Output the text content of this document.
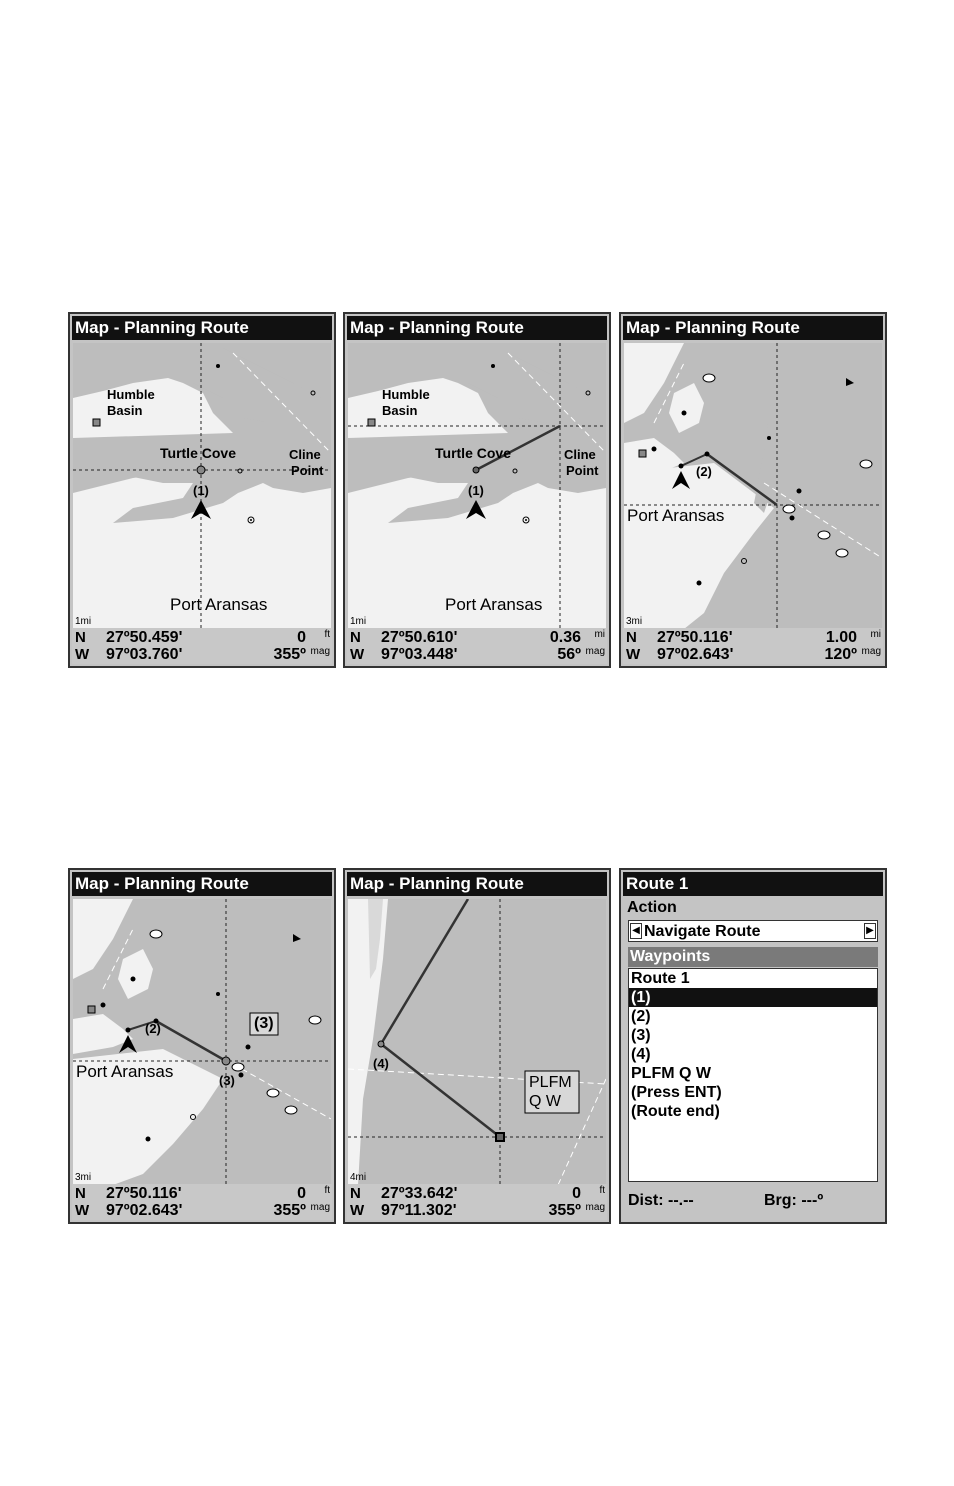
Map - Planning Route
Humble
Basin
Turtle Cove	Cline
Point
(1)
Port Aransas
1mi
N 27º50.459'	0 ft
W 97º03.760'	355º mag
Map - Planning Route
Humble
Basin
Turtle Cove	Cline
Point
(1)
Port Aransas
1mi
N 27º50.610'	0.36 mi
W 97º03.448'	56º mag
Map - Planning Route
(2)
Port Aransas
3mi
N 27º50.116'	1.00 mi
W 97º02.643'	120º mag
Map - Planning Route
(2)
(3)
(3)
Port Aransas
3mi
N 27º50.116'	0 ft
W 97º02.643'	355º mag
Map - Planning Route
(4)
PLFM
Q W
4mi
N 27º33.642'	0 ft
W 97º11.302'	355º mag
Route 1
Action
◀ Navigate Route	▶
Waypoints
Route 1
(1)
(2)
(3)
(4)
PLFM Q W
(Press ENT)
(Route end)
Dist: --.--	Brg: ---º
